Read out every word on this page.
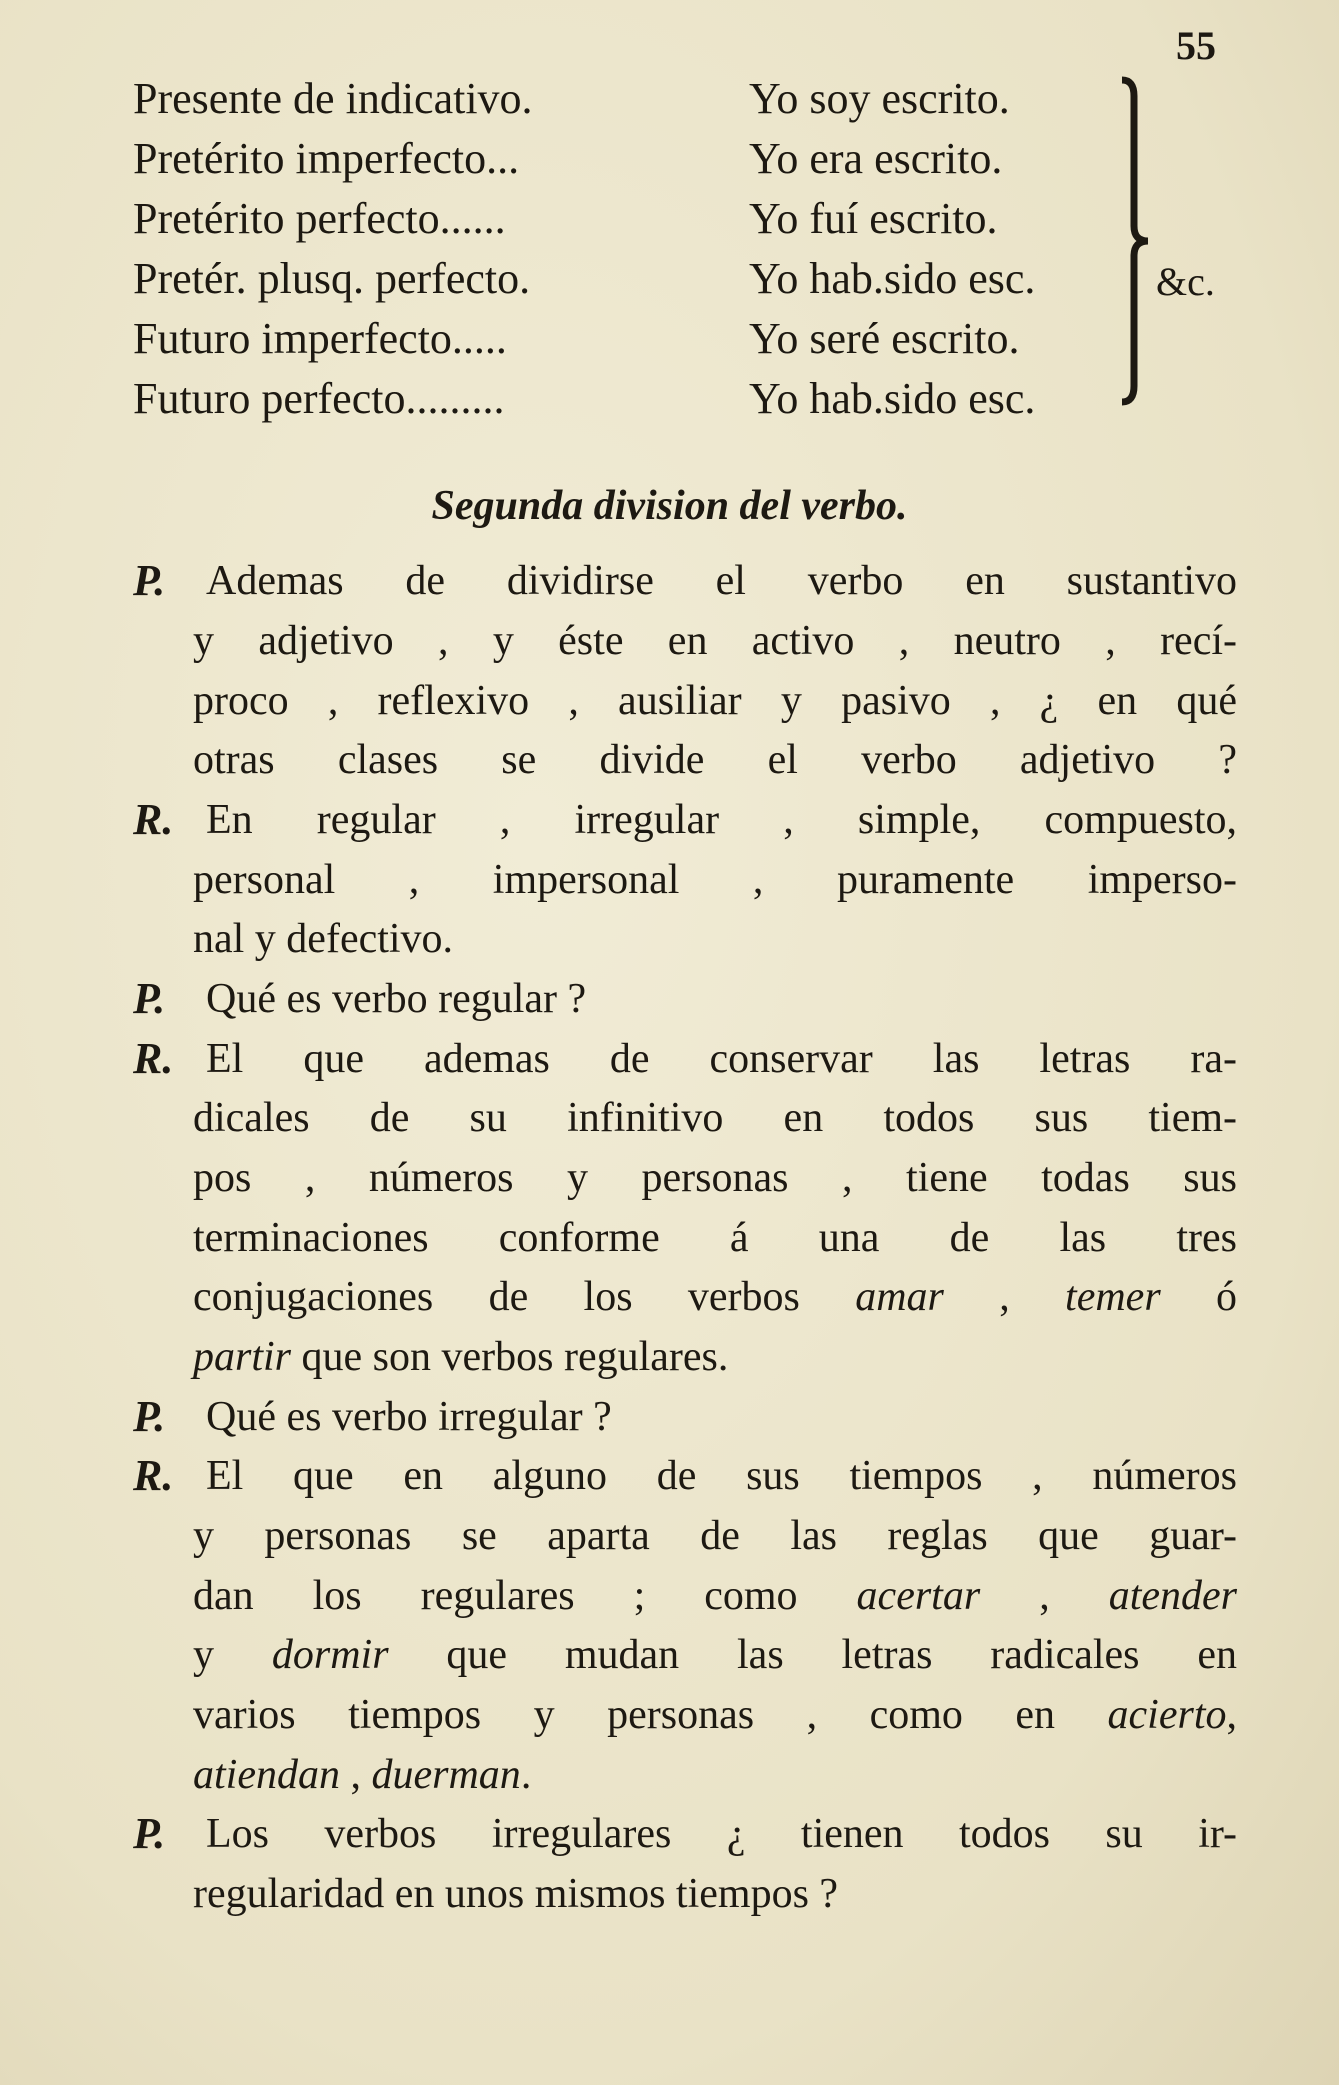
55
Presente de indicativo.	Yo soy escrito.
Pretérito imperfecto...	Yo era escrito.
Pretérito perfecto......	Yo fuí escrito.
Pretér. plusq. perfecto.	Yo hab.sido esc.
Futuro imperfecto.....	Yo seré escrito.
Futuro perfecto.........	Yo hab.sido esc.
&c.
Segunda division del verbo.
P. Ademas de dividirse el verbo en sustantivo
y adjetivo , y éste en activo , neutro , recí-
proco , reflexivo , ausiliar y pasivo , ¿ en qué
otras clases se divide el verbo adjetivo ?
R. En regular , irregular , simple, compuesto,
personal , impersonal , puramente imperso-
nal y defectivo.
P. Qué es verbo regular ?
R. El que ademas de conservar las letras ra-
dicales de su infinitivo en todos sus tiem-
pos , números y personas , tiene todas sus
terminaciones conforme á una de las tres
conjugaciones de los verbos amar , temer ó
partir que son verbos regulares.
P. Qué es verbo irregular ?
R. El que en alguno de sus tiempos , números
y personas se aparta de las reglas que guar-
dan los regulares ; como acertar , atender
y dormir que mudan las letras radicales en
varios tiempos y personas , como en acierto,
atiendan , duerman.
P. Los verbos irregulares ¿ tienen todos su ir-
regularidad en unos mismos tiempos ?
